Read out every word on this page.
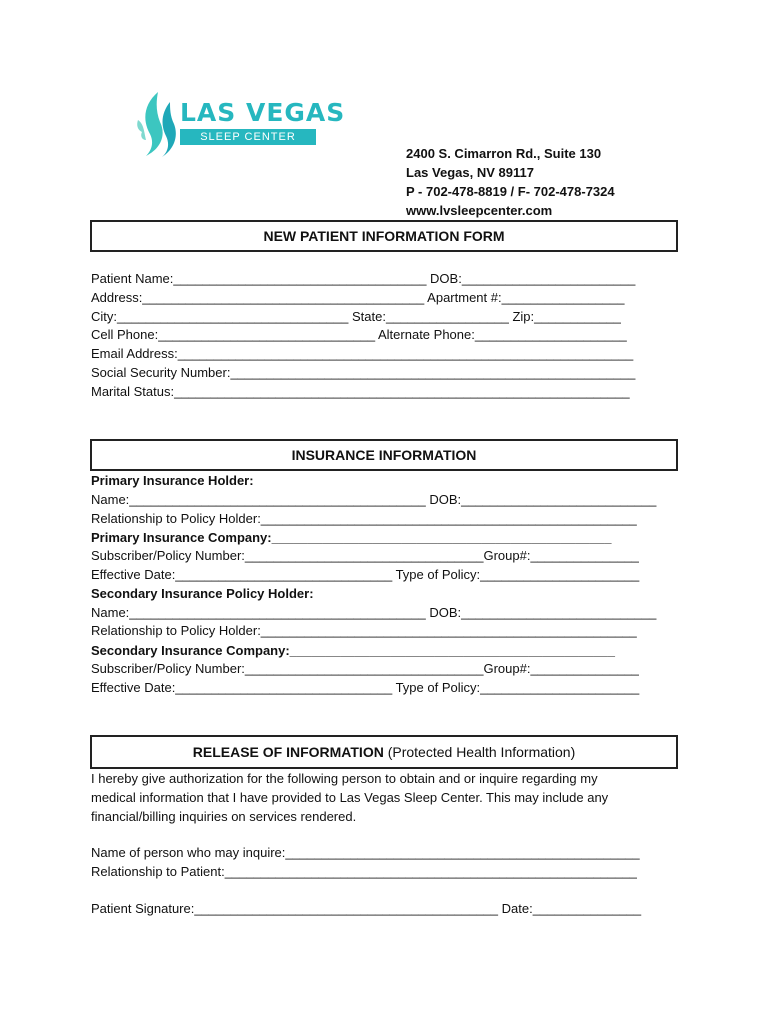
LAS VEGAS
SLEEP CENTER
2400 S. Cimarron Rd., Suite 130
Las Vegas, NV 89117
P - 702-478-8819 / F- 702-478-7324
www.lvsleepcenter.com
NEW PATIENT INFORMATION FORM
Patient Name:___________________________________ DOB:________________________
Address:_______________________________________ Apartment #:_________________
City:________________________________ State:_________________ Zip:____________
Cell Phone:______________________________ Alternate Phone:_____________________
Email Address:_______________________________________________________________
Social Security Number:________________________________________________________
Marital Status:_______________________________________________________________
INSURANCE INFORMATION
Primary Insurance Holder:
Name:_________________________________________ DOB:___________________________
Relationship to Policy Holder:____________________________________________________
Primary Insurance Company:_______________________________________________
Subscriber/Policy Number:_________________________________Group#:_______________
Effective Date:______________________________ Type of Policy:______________________
Secondary Insurance Policy Holder:
Name:_________________________________________ DOB:___________________________
Relationship to Policy Holder:____________________________________________________
Secondary Insurance Company:_____________________________________________
Subscriber/Policy Number:_________________________________Group#:_______________
Effective Date:______________________________ Type of Policy:______________________
RELEASE OF INFORMATION (Protected Health Information)
I hereby give authorization for the following person to obtain and or inquire regarding my
medical information that I have provided to Las Vegas Sleep Center. This may include any
financial/billing inquiries on services rendered.
Name of person who may inquire:_________________________________________________
Relationship to Patient:_________________________________________________________
Patient Signature:__________________________________________ Date:_______________
